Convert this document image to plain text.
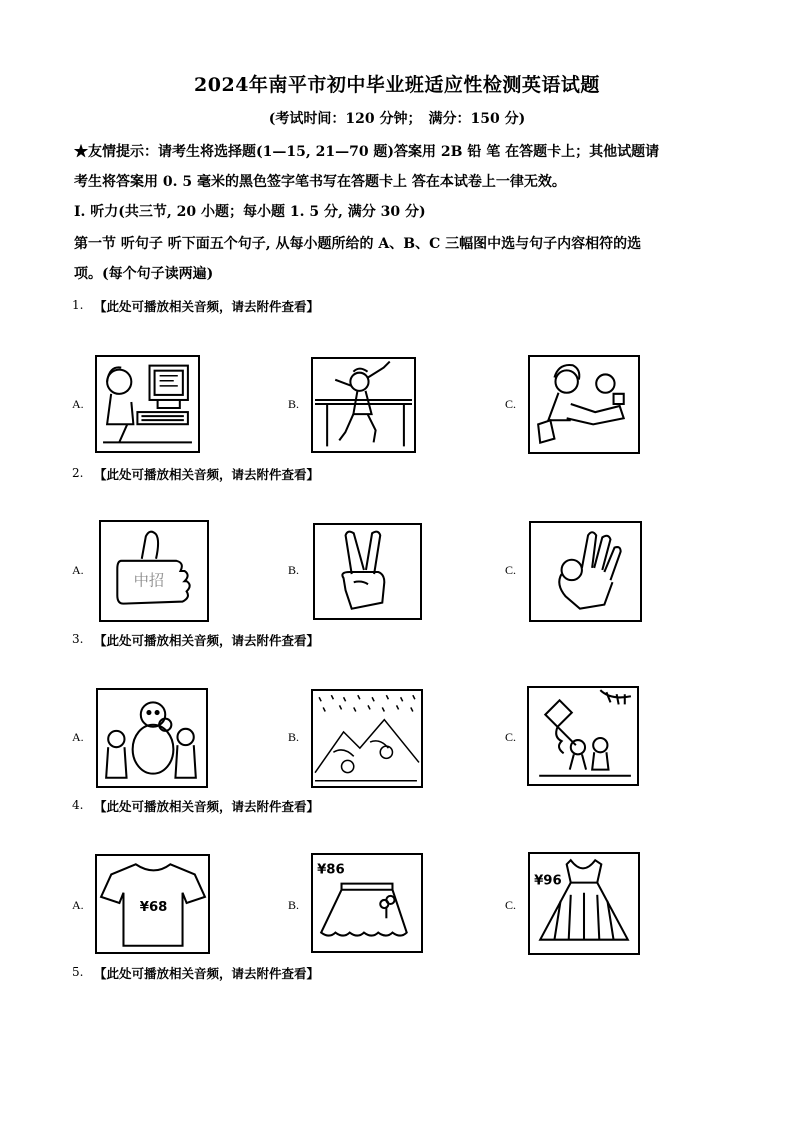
2024年南平市初中毕业班适应性检测英语试题
(考试时间：120 分钟；　满分：150 分)
★友情提示：请考生将选择题(1—15, 21—70 题)答案用 2B 铅 笔 在答题卡上；其他试题请
考生将答案用 0. 5 毫米的黑色签字笔书写在答题卡上 答在本试卷上一律无效。
I. 听力(共三节, 20 小题；每小题 1. 5 分, 满分 30 分)
第一节 听句子 听下面五个句子, 从每小题所给的 A、B、C 三幅图中选与句子内容相符的选
项。(每个句子读两遍)
1. 【此处可播放相关音频，请去附件查看】
A.	B.	C.
2. 【此处可播放相关音频，请去附件查看】
A.
中招
B.	C.
3. 【此处可播放相关音频，请去附件查看】
A.	B.	C.
4. 【此处可播放相关音频，请去附件查看】
A.	¥68	B.
¥86
C.
¥96
5. 【此处可播放相关音频，请去附件查看】
